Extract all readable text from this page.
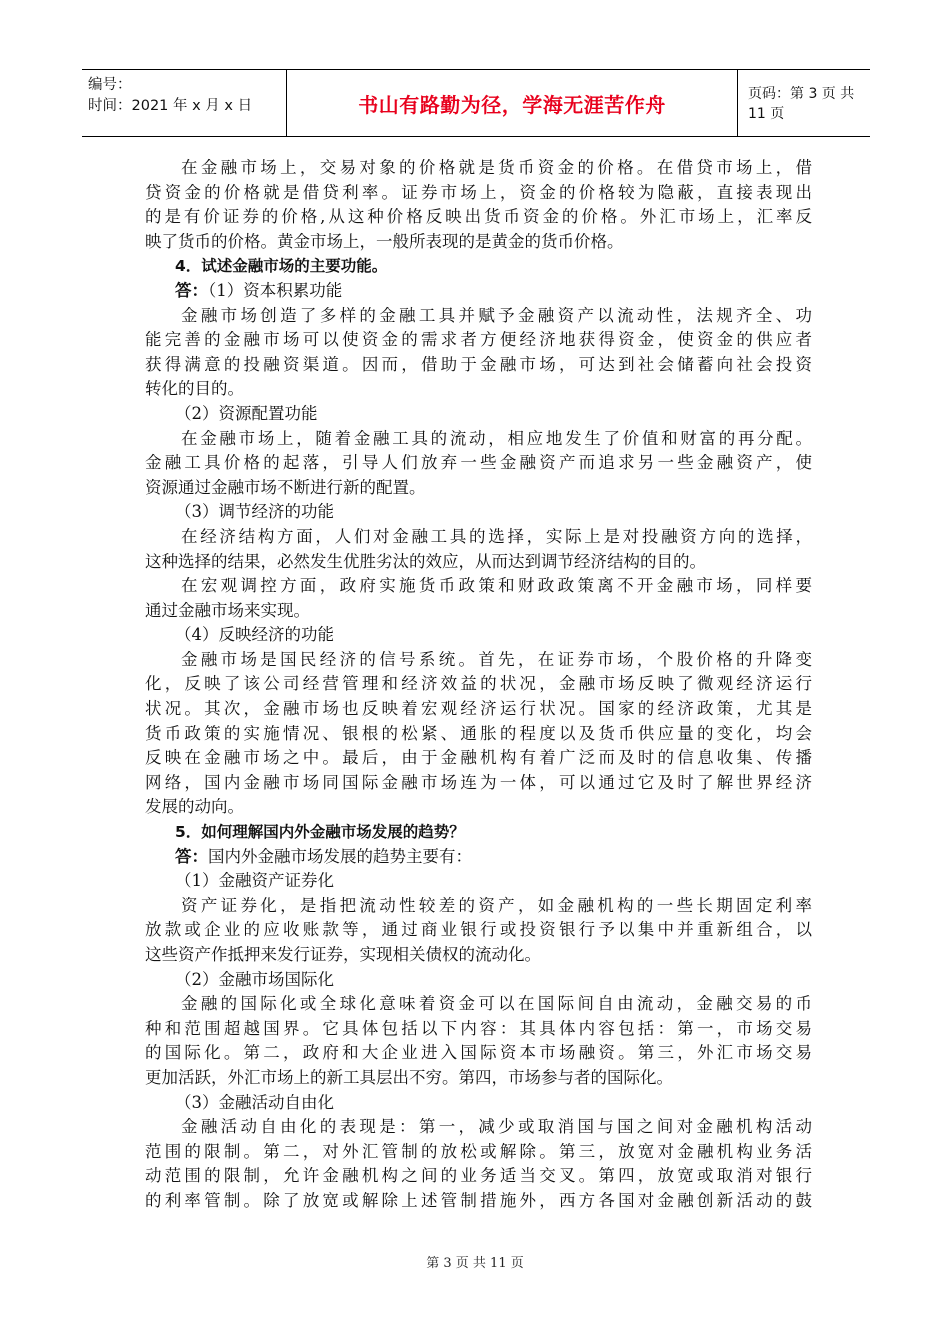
编号：
时间：2021 年 x 月 x 日	书山有路勤为径，学海无涯苦作舟	页码：第 3 页 共 11 页
在金融市场上，交易对象的价格就是货币资金的价格。在借贷市场上，借
贷资金的价格就是借贷利率。证券市场上，资金的价格较为隐蔽，直接表现出
的是有价证券的价格,从这种价格反映出货币资金的价格。外汇市场上，汇率反
映了货币的价格。黄金市场上，一般所表现的是黄金的货币价格。
4．试述金融市场的主要功能。
答：（1）资本积累功能
金融市场创造了多样的金融工具并赋予金融资产以流动性，法规齐全、功
能完善的金融市场可以使资金的需求者方便经济地获得资金，使资金的供应者
获得满意的投融资渠道。因而，借助于金融市场，可达到社会储蓄向社会投资
转化的目的。
（2）资源配置功能
在金融市场上，随着金融工具的流动，相应地发生了价值和财富的再分配。
金融工具价格的起落，引导人们放弃一些金融资产而追求另一些金融资产，使
资源通过金融市场不断进行新的配置。
（3）调节经济的功能
在经济结构方面，人们对金融工具的选择，实际上是对投融资方向的选择，
这种选择的结果，必然发生优胜劣汰的效应，从而达到调节经济结构的目的。
在宏观调控方面，政府实施货币政策和财政政策离不开金融市场，同样要
通过金融市场来实现。
（4）反映经济的功能
金融市场是国民经济的信号系统。首先，在证券市场，个股价格的升降变
化，反映了该公司经营管理和经济效益的状况，金融市场反映了微观经济运行
状况。其次，金融市场也反映着宏观经济运行状况。国家的经济政策，尤其是
货币政策的实施情况、银根的松紧、通胀的程度以及货币供应量的变化，均会
反映在金融市场之中。最后，由于金融机构有着广泛而及时的信息收集、传播
网络，国内金融市场同国际金融市场连为一体，可以通过它及时了解世界经济
发展的动向。
5．如何理解国内外金融市场发展的趋势？
答：国内外金融市场发展的趋势主要有：
（1）金融资产证券化
资产证券化，是指把流动性较差的资产，如金融机构的一些长期固定利率
放款或企业的应收账款等，通过商业银行或投资银行予以集中并重新组合，以
这些资产作抵押来发行证券，实现相关债权的流动化。
（2）金融市场国际化
金融的国际化或全球化意味着资金可以在国际间自由流动，金融交易的币
种和范围超越国界。它具体包括以下内容：其具体内容包括：第一，市场交易
的国际化。第二，政府和大企业进入国际资本市场融资。第三，外汇市场交易
更加活跃，外汇市场上的新工具层出不穷。第四，市场参与者的国际化。
（3）金融活动自由化
金融活动自由化的表现是：第一，减少或取消国与国之间对金融机构活动
范围的限制。第二，对外汇管制的放松或解除。第三，放宽对金融机构业务活
动范围的限制，允许金融机构之间的业务适当交叉。第四，放宽或取消对银行
的利率管制。除了放宽或解除上述管制措施外，西方各国对金融创新活动的鼓
第 3 页 共 11 页
